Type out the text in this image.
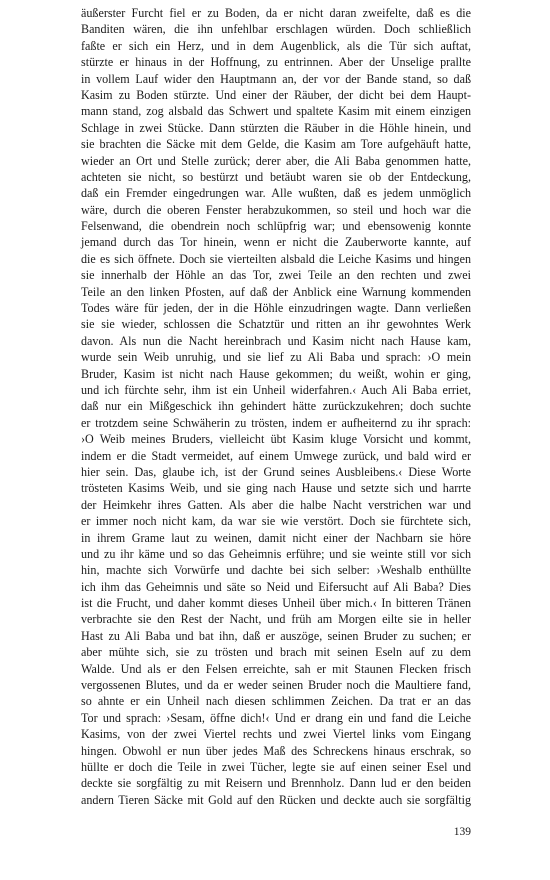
äußerster Furcht fiel er zu Boden, da er nicht daran zweifelte, daß es die
Banditen wären, die ihn unfehlbar erschlagen würden. Doch schließlich
faßte er sich ein Herz, und in dem Augenblick, als die Tür sich auftat,
stürzte er hinaus in der Hoffnung, zu entrinnen. Aber der Unselige prallte
in vollem Lauf wider den Hauptmann an, der vor der Bande stand, so daß
Kasim zu Boden stürzte. Und einer der Räuber, der dicht bei dem Haupt-
mann stand, zog alsbald das Schwert und spaltete Kasim mit einem einzigen
Schlage in zwei Stücke. Dann stürzten die Räuber in die Höhle hinein, und
sie brachten die Säcke mit dem Gelde, die Kasim am Tore aufgehäuft hatte,
wieder an Ort und Stelle zurück; derer aber, die Ali Baba genommen hatte,
achteten sie nicht, so bestürzt und betäubt waren sie ob der Entdeckung,
daß ein Fremder eingedrungen war. Alle wußten, daß es jedem unmöglich
wäre, durch die oberen Fenster herabzukommen, so steil und hoch war die
Felsenwand, die obendrein noch schlüpfrig war; und ebensowenig konnte
jemand durch das Tor hinein, wenn er nicht die Zauberworte kannte, auf
die es sich öffnete. Doch sie vierteilten alsbald die Leiche Kasims und hingen
sie innerhalb der Höhle an das Tor, zwei Teile an den rechten und zwei
Teile an den linken Pfosten, auf daß der Anblick eine Warnung kommenden
Todes wäre für jeden, der in die Höhle einzudringen wagte. Dann verließen
sie sie wieder, schlossen die Schatztür und ritten an ihr gewohntes Werk
davon. Als nun die Nacht hereinbrach und Kasim nicht nach Hause kam,
wurde sein Weib unruhig, und sie lief zu Ali Baba und sprach: ›O mein
Bruder, Kasim ist nicht nach Hause gekommen; du weißt, wohin er ging,
und ich fürchte sehr, ihm ist ein Unheil widerfahren.‹ Auch Ali Baba erriet,
daß nur ein Mißgeschick ihn gehindert hätte zurückzukehren; doch suchte
er trotzdem seine Schwäherin zu trösten, indem er aufheiternd zu ihr sprach:
›O Weib meines Bruders, vielleicht übt Kasim kluge Vorsicht und kommt,
indem er die Stadt vermeidet, auf einem Umwege zurück, und bald wird er
hier sein. Das, glaube ich, ist der Grund seines Ausbleibens.‹ Diese Worte
trösteten Kasims Weib, und sie ging nach Hause und setzte sich und harrte
der Heimkehr ihres Gatten. Als aber die halbe Nacht verstrichen war und
er immer noch nicht kam, da war sie wie verstört. Doch sie fürchtete sich,
in ihrem Grame laut zu weinen, damit nicht einer der Nachbarn sie höre
und zu ihr käme und so das Geheimnis erführe; und sie weinte still vor sich
hin, machte sich Vorwürfe und dachte bei sich selber: ›Weshalb enthüllte
ich ihm das Geheimnis und säte so Neid und Eifersucht auf Ali Baba? Dies
ist die Frucht, und daher kommt dieses Unheil über mich.‹ In bitteren Tränen
verbrachte sie den Rest der Nacht, und früh am Morgen eilte sie in heller
Hast zu Ali Baba und bat ihn, daß er auszöge, seinen Bruder zu suchen; er
aber mühte sich, sie zu trösten und brach mit seinen Eseln auf zu dem
Walde. Und als er den Felsen erreichte, sah er mit Staunen Flecken frisch
vergossenen Blutes, und da er weder seinen Bruder noch die Maultiere fand,
so ahnte er ein Unheil nach diesen schlimmen Zeichen. Da trat er an das
Tor und sprach: ›Sesam, öffne dich!‹ Und er drang ein und fand die Leiche
Kasims, von der zwei Viertel rechts und zwei Viertel links vom Eingang
hingen. Obwohl er nun über jedes Maß des Schreckens hinaus erschrak, so
hüllte er doch die Teile in zwei Tücher, legte sie auf einen seiner Esel und
deckte sie sorgfältig zu mit Reisern und Brennholz. Dann lud er den beiden
andern Tieren Säcke mit Gold auf den Rücken und deckte auch sie sorgfältig
139
